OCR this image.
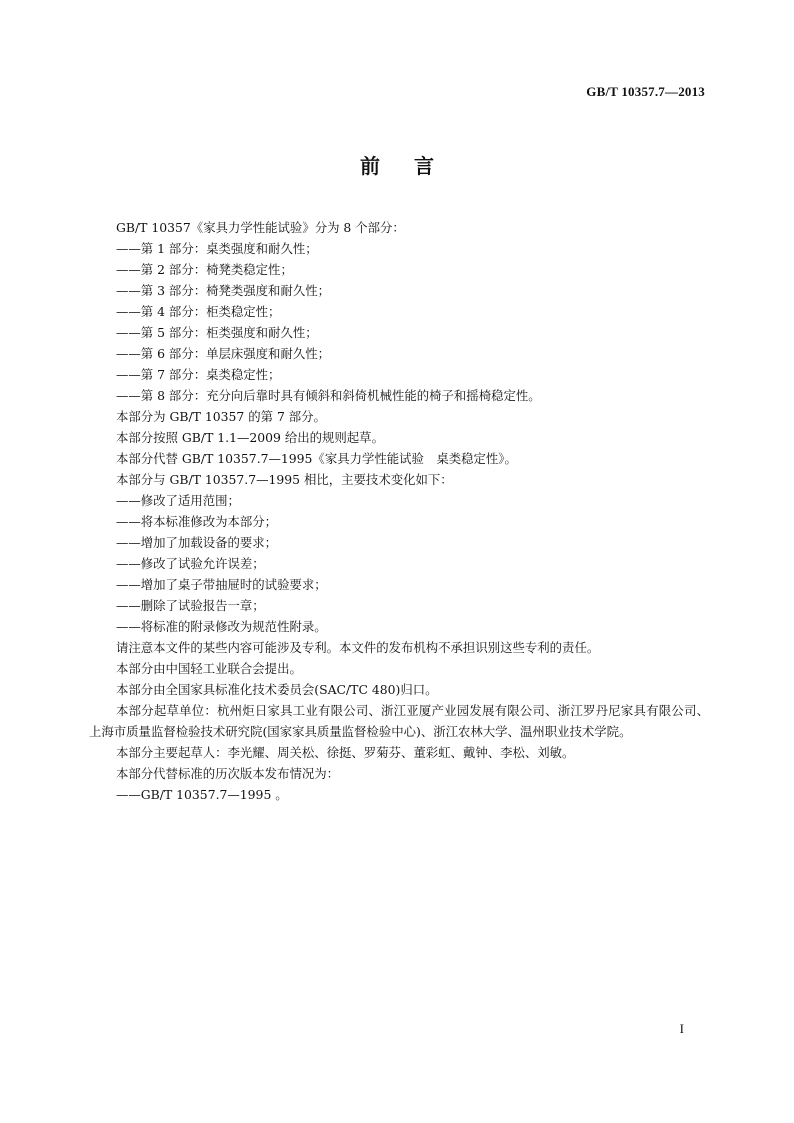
GB/T 10357.7—2013
前言
GB/T 10357《家具力学性能试验》分为 8 个部分：
——第 1 部分：桌类强度和耐久性；
——第 2 部分：椅凳类稳定性；
——第 3 部分：椅凳类强度和耐久性；
——第 4 部分：柜类稳定性；
——第 5 部分：柜类强度和耐久性；
——第 6 部分：单层床强度和耐久性；
——第 7 部分：桌类稳定性；
——第 8 部分：充分向后靠时具有倾斜和斜倚机械性能的椅子和摇椅稳定性。
本部分为 GB/T 10357 的第 7 部分。
本部分按照 GB/T 1.1—2009 给出的规则起草。
本部分代替 GB/T 10357.7—1995《家具力学性能试验　桌类稳定性》。
本部分与 GB/T 10357.7—1995 相比，主要技术变化如下：
——修改了适用范围；
——将本标准修改为本部分；
——增加了加载设备的要求；
——修改了试验允许误差；
——增加了桌子带抽屉时的试验要求；
——删除了试验报告一章；
——将标准的附录修改为规范性附录。
请注意本文件的某些内容可能涉及专利。本文件的发布机构不承担识别这些专利的责任。
本部分由中国轻工业联合会提出。
本部分由全国家具标准化技术委员会(SAC/TC 480)归口。
本部分起草单位：杭州炬日家具工业有限公司、浙江亚厦产业园发展有限公司、浙江罗丹尼家具有限公司、上海市质量监督检验技术研究院(国家家具质量监督检验中心)、浙江农林大学、温州职业技术学院。
本部分主要起草人：李光耀、周关松、徐挺、罗菊芬、董彩虹、戴钟、李松、刘敏。
本部分代替标准的历次版本发布情况为：
——GB/T 10357.7—1995 。
I
